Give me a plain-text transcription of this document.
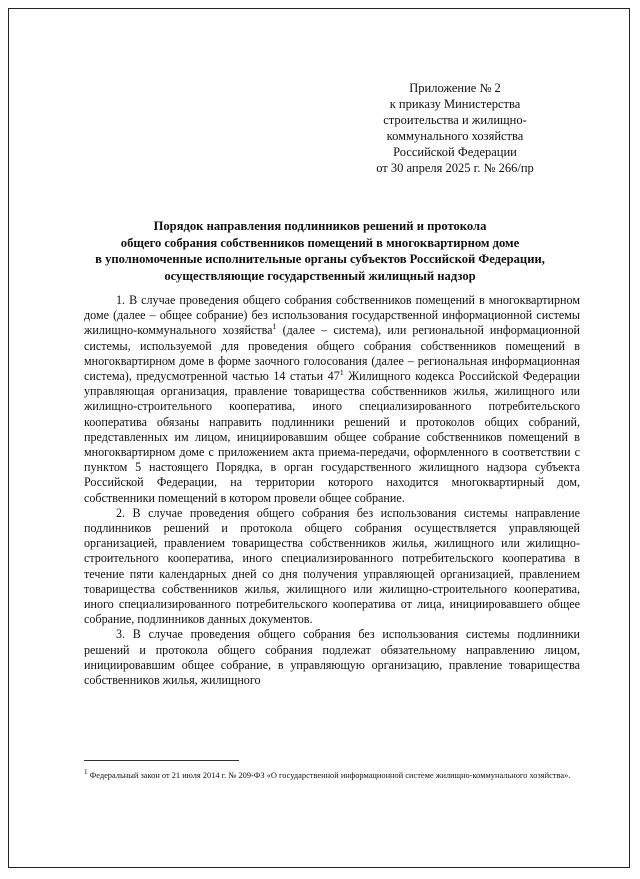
Приложение № 2
к приказу Министерства
строительства и жилищно-
коммунального хозяйства
Российской Федерации
от 30 апреля 2025 г. № 266/пр
Порядок направления подлинников решений и протокола
общего собрания собственников помещений в многоквартирном доме
в уполномоченные исполнительные органы субъектов Российской Федерации,
осуществляющие государственный жилищный надзор

1. В случае проведения общего собрания собственников помещений в многоквартирном доме (далее – общее собрание) без использования государственной информационной системы жилищно-коммунального хозяйства$^1$ (далее – система), или региональной информационной системы, используемой для проведения общего собрания собственников помещений в многоквартирном доме в форме заочного голосования (далее – региональная информационная система), предусмотренной частью 14 статьи 47$^1$ Жилищного кодекса Российской Федерации управляющая организация, правление товарищества собственников жилья, жилищного или жилищно-строительного кооператива, иного специализированного потребительского кооператива обязаны направить подлинники решений и протоколов общих собраний, представленных им лицом, инициировавшим общее собрание собственников помещений в многоквартирном доме с приложением акта приема-передачи, оформленного в соответствии с пунктом 5 настоящего Порядка, в орган государственного жилищного надзора субъекта Российской Федерации, на территории которого находится многоквартирный дом, собственники помещений в котором провели общее собрание.

2. В случае проведения общего собрания без использования системы направление подлинников решений и протокола общего собрания осуществляется управляющей организацией, правлением товарищества собственников жилья, жилищного или жилищно-строительного кооператива, иного специализированного потребительского кооператива в течение пяти календарных дней со дня получения управляющей организацией, правлением товарищества собственников жилья, жилищного или жилищно-строительного кооператива, иного специализированного потребительского кооператива от лица, инициировавшего общее собрание, подлинников данных документов.

3. В случае проведения общего собрания без использования системы подлинники решений и протокола общего собрания подлежат обязательному направлению лицом, инициировавшим общее собрание, в управляющую организацию, правление товарищества собственников жилья, жилищного

$^1$ Федеральный закон от 21 июля 2014 г. № 209-ФЗ «О государственной информационной системе жилищно-коммунального хозяйства».
